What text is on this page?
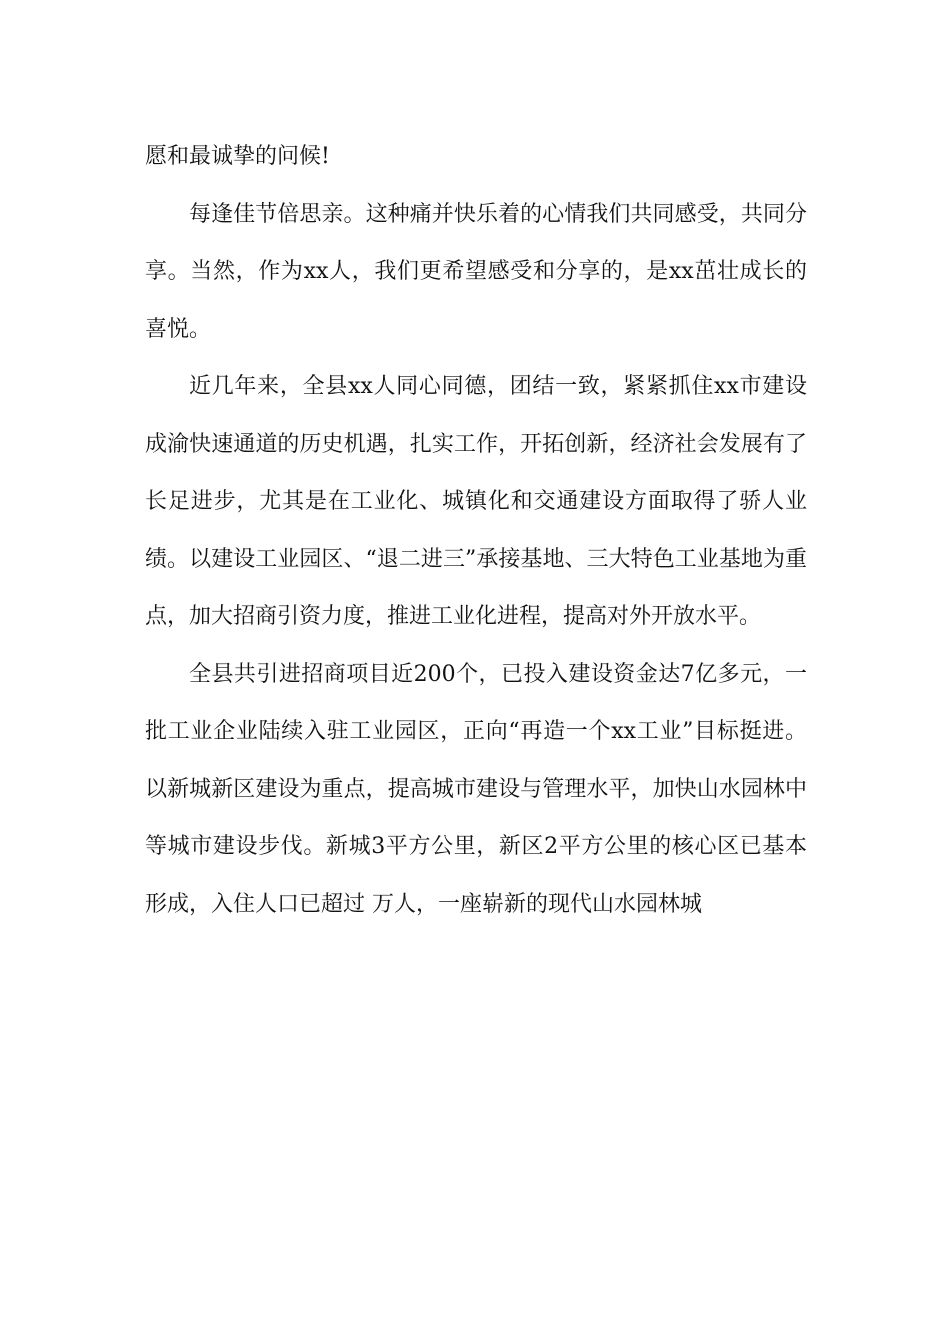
愿和最诚挚的问候!

每逢佳节倍思亲。这种痛并快乐着的心情我们共同感受，共同分享。当然，作为xx人，我们更希望感受和分享的，是xx茁壮成长的喜悦。

近几年来，全县xx人同心同德，团结一致，紧紧抓住xx市建设成渝快速通道的历史机遇，扎实工作，开拓创新，经济社会发展有了长足进步，尤其是在工业化、城镇化和交通建设方面取得了骄人业绩。以建设工业园区、“退二进三”承接基地、三大特色工业基地为重点，加大招商引资力度，推进工业化进程，提高对外开放水平。

全县共引进招商项目近200个，已投入建设资金达7亿多元，一批工业企业陆续入驻工业园区，正向“再造一个xx工业”目标挺进。以新城新区建设为重点，提高城市建设与管理水平，加快山水园林中等城市建设步伐。新城3平方公里，新区2平方公里的核心区已基本形成，入住人口已超过 万人，一座崭新的现代山水园林城
